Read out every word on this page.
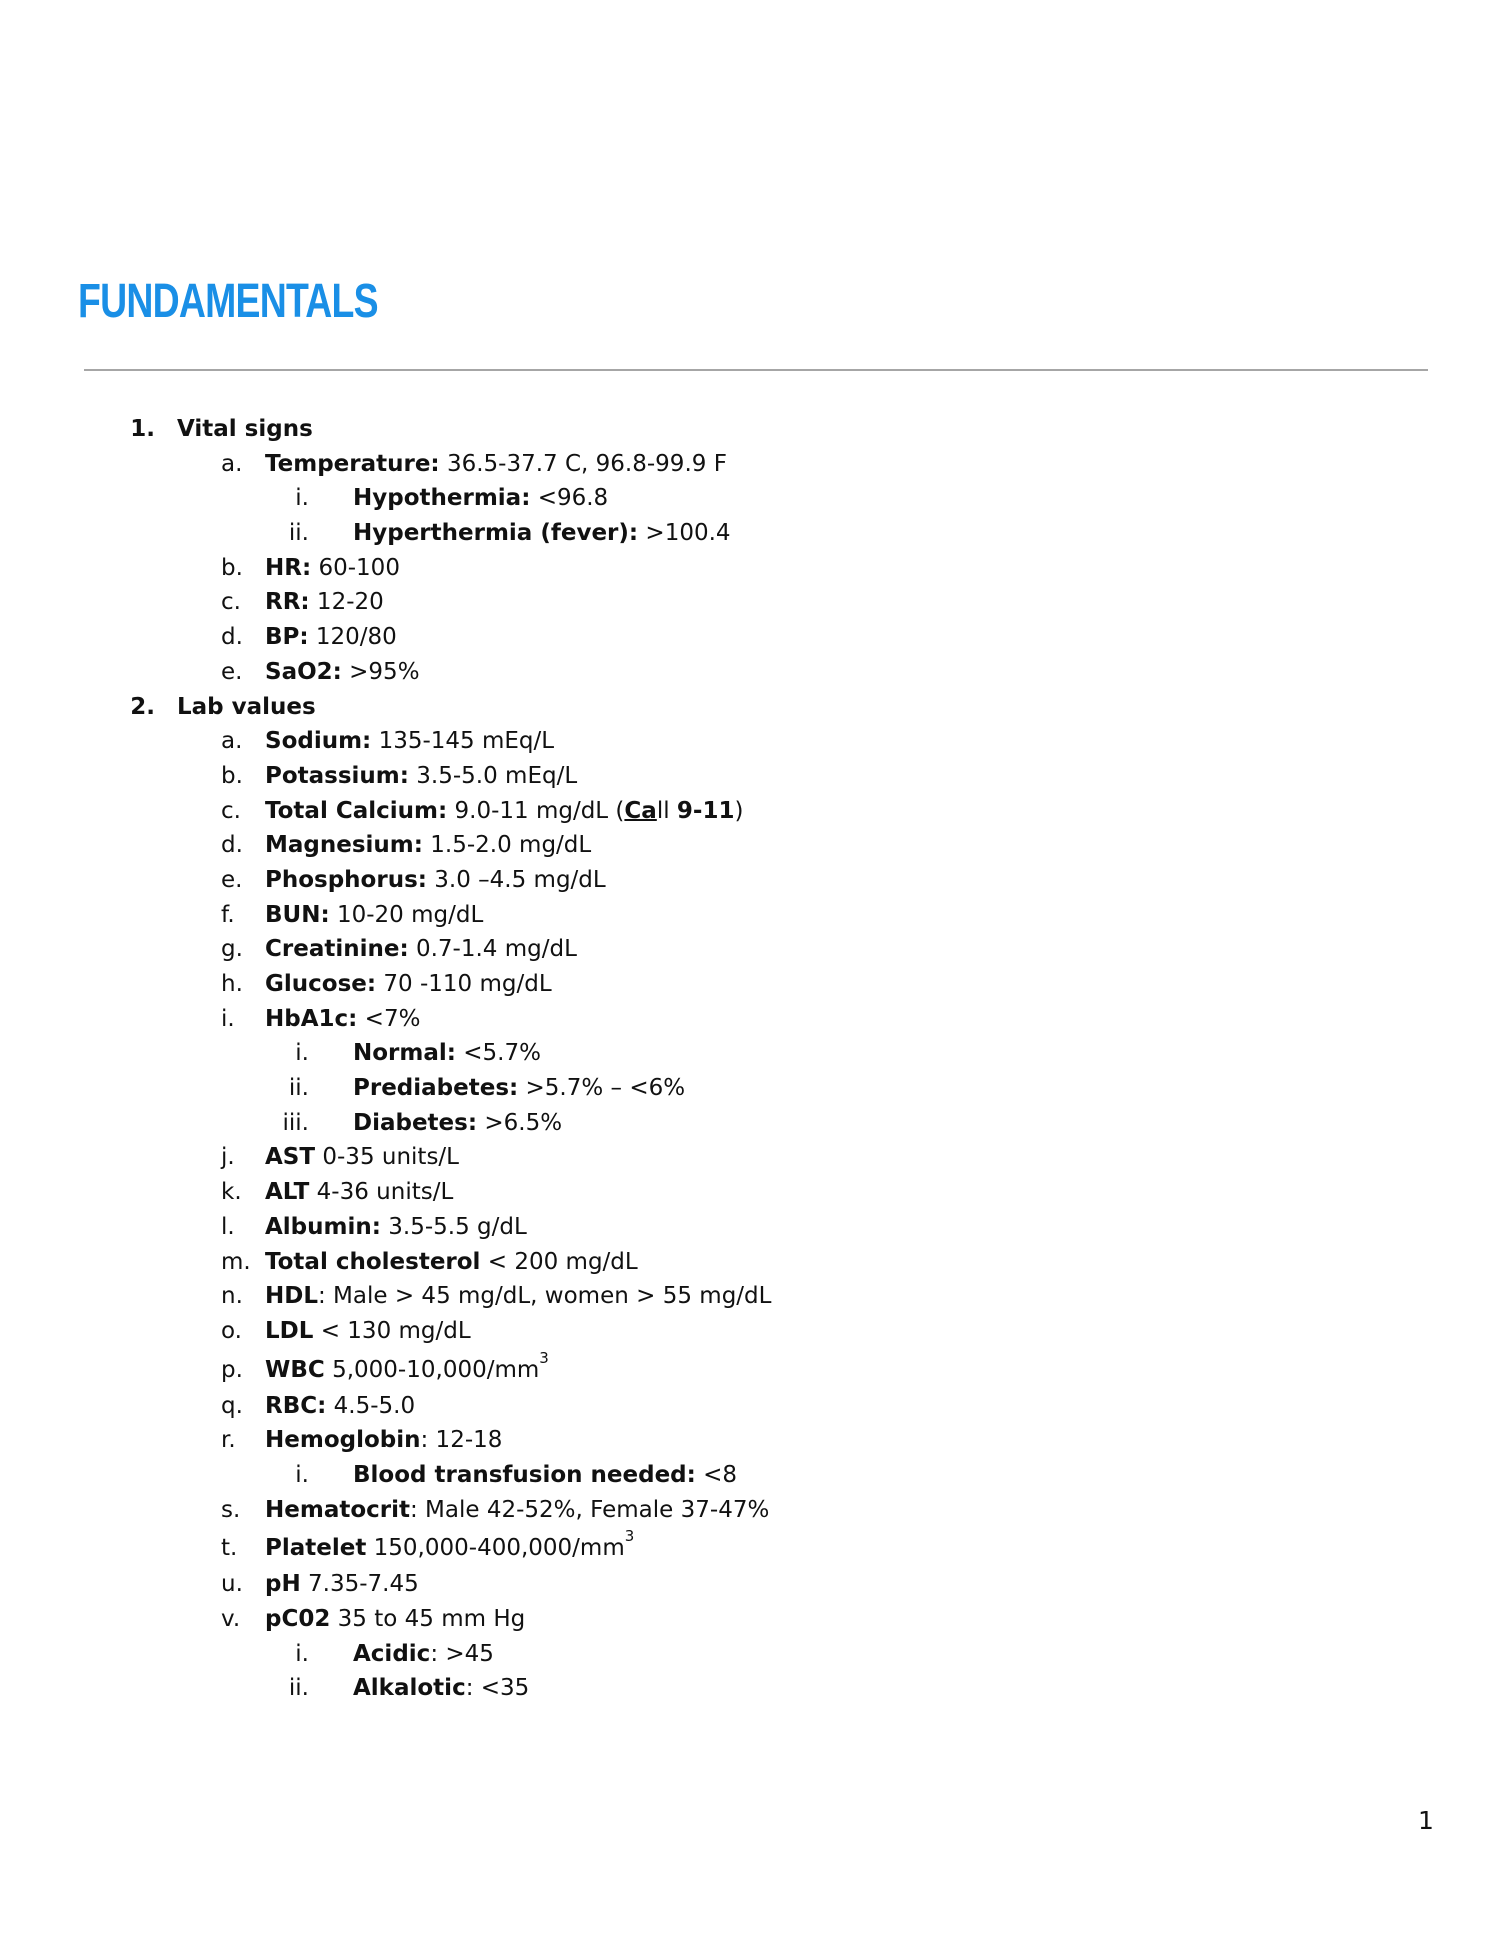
FUNDAMENTALS
1. Vital signs
a. Temperature: 36.5-37.7 C, 96.8-99.9 F
i. Hypothermia: <96.8
ii. Hyperthermia (fever): >100.4
b. HR: 60-100
c. RR: 12-20
d. BP: 120/80
e. SaO2: >95%
2. Lab values
a. Sodium: 135-145 mEq/L
b. Potassium: 3.5-5.0 mEq/L
c. Total Calcium: 9.0-11 mg/dL (Call 9-11)
d. Magnesium: 1.5-2.0 mg/dL
e. Phosphorus: 3.0 –4.5 mg/dL
f. BUN: 10-20 mg/dL
g. Creatinine: 0.7-1.4 mg/dL
h. Glucose: 70 -110 mg/dL
i. HbA1c: <7%
i. Normal: <5.7%
ii. Prediabetes: >5.7% – <6%
iii. Diabetes: >6.5%
j. AST 0-35 units/L
k. ALT 4-36 units/L
l. Albumin: 3.5-5.5 g/dL
m. Total cholesterol < 200 mg/dL
n. HDL: Male > 45 mg/dL, women > 55 mg/dL
o. LDL < 130 mg/dL
p. WBC $5,000-10,000/mm^3$
q. RBC: 4.5-5.0
r. Hemoglobin: 12-18
i. Blood transfusion needed: <8
s. Hematocrit: Male 42-52%, Female 37-47%
t. Platelet $150,000-400,000/mm^3$
u. pH 7.35-7.45
v. pC02 35 to 45 mm Hg
i. Acidic: >45
ii. Alkalotic: <35
1
